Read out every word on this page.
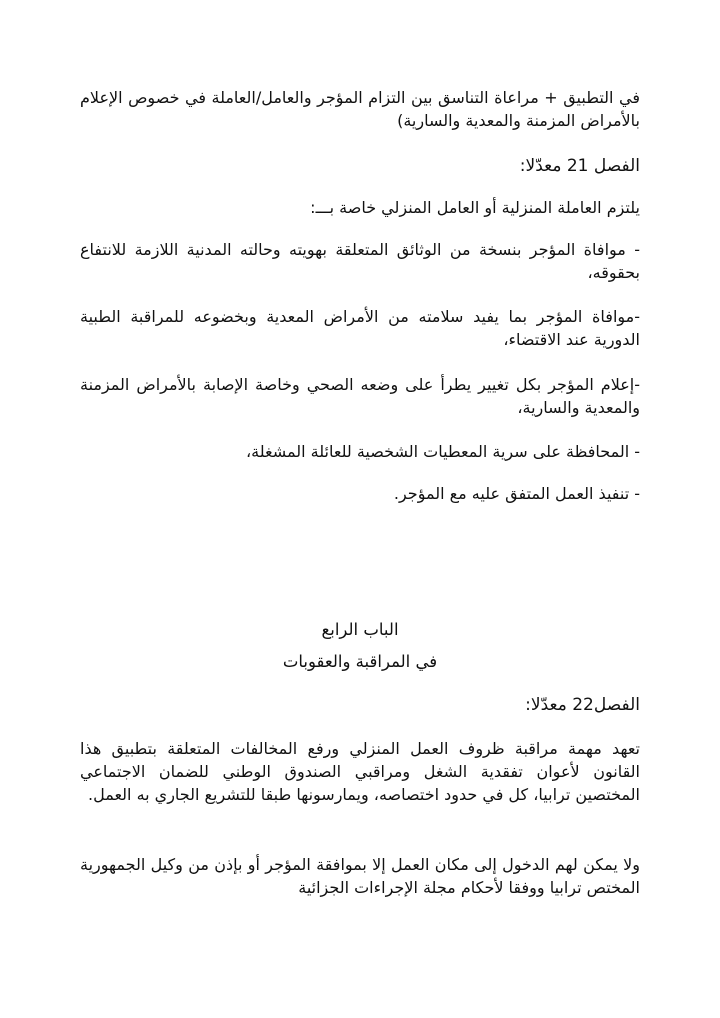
في التطبيق + مراعاة التناسق بين التزام المؤجر والعامل/العاملة في خصوص الإعلام بالأمراض المزمنة والمعدية والسارية)

الفصل 21 معدّلا:

يلتزم العاملة المنزلية أو العامل المنزلي خاصة بـــ:

- موافاة المؤجر بنسخة من الوثائق المتعلقة بهويته وحالته المدنية اللازمة للانتفاع بحقوقه،

-موافاة المؤجر بما يفيد سلامته من الأمراض المعدية وبخضوعه للمراقبة الطبية الدورية عند الاقتضاء،

-إعلام المؤجر بكل تغيير يطرأ على وضعه الصحي وخاصة الإصابة بالأمراض المزمنة والمعدية والسارية،

- المحافظة على سرية المعطيات الشخصية للعائلة المشغلة،

- تنفيذ العمل المتفق عليه مع المؤجر.

الباب الرابع

في المراقبة والعقوبات

الفصل22 معدّلا:

تعهد مهمة مراقبة ظروف العمل المنزلي ورفع المخالفات المتعلقة بتطبيق هذا القانون لأعوان تفقدية الشغل ومراقبي الصندوق الوطني للضمان الاجتماعي المختصين ترابيا، كل في حدود اختصاصه، ويمارسونها طبقا للتشريع الجاري به العمل.

ولا يمكن لهم الدخول إلى مكان العمل إلا بموافقة المؤجر أو بإذن من وكيل الجمهورية المختص ترابيا ووفقا لأحكام مجلة الإجراءات الجزائية
